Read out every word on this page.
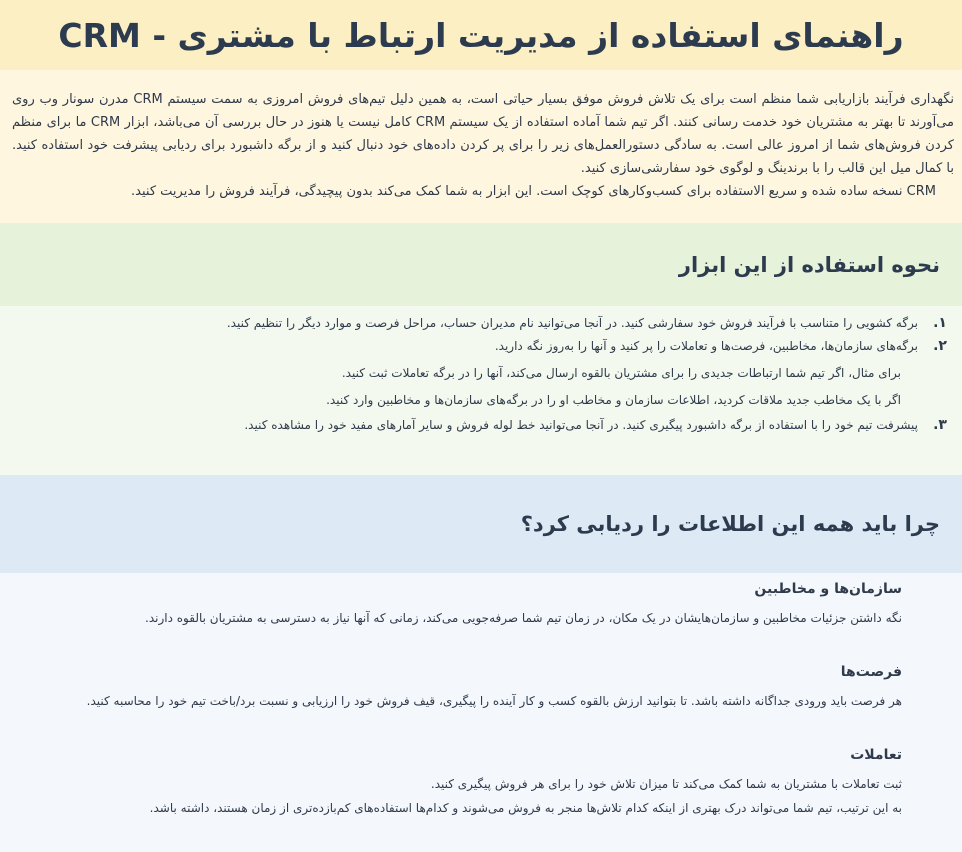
راهنمای استفاده از مدیریت ارتباط با مشتری - CRM

نگهداری فرآیند بازاریابی شما منظم است برای یک تلاش فروش موفق بسیار حیاتی است، به همین دلیل تیم‌های فروش امروزی به سمت سیستم CRM مدرن سونار وب روی می‌آورند تا بهتر به مشتریان خود خدمت رسانی کنند. اگر تیم شما آماده استفاده از یک سیستم CRM کامل نیست یا هنوز در حال بررسی آن می‌باشد، ابزار CRM ما برای منظم کردن فروش‌های شما از امروز عالی است. به سادگی دستورالعمل‌های زیر را برای پر کردن داده‌های خود دنبال کنید و از برگه داشبورد برای ردیابی پیشرفت خود استفاده کنید. با کمال میل این قالب را با برندینگ و لوگوی خود سفارشی‌سازی کنید.

CRM نسخه ساده شده و سریع الاستفاده برای کسب‌وکارهای کوچک است. این ابزار به شما کمک می‌کند بدون پیچیدگی، فرآیند فروش را مدیریت کنید.

نحوه استفاده از این ابزار
۱.
برگه کشویی را متناسب با فرآیند فروش خود سفارشی کنید. در آنجا می‌توانید نام مدیران حساب، مراحل فرصت و موارد دیگر را تنظیم کنید.
۲.
برگه‌های سازمان‌ها، مخاطبین، فرصت‌ها و تعاملات را پر کنید و آنها را به‌روز نگه دارید.
برای مثال، اگر تیم شما ارتباطات جدیدی را برای مشتریان بالقوه ارسال می‌کند، آنها را در برگه تعاملات ثبت کنید.
اگر با یک مخاطب جدید ملاقات کردید، اطلاعات سازمان و مخاطب او را در برگه‌های سازمان‌ها و مخاطبین وارد کنید.
۳.
پیشرفت تیم خود را با استفاده از برگه داشبورد پیگیری کنید. در آنجا می‌توانید خط لوله فروش و سایر آمارهای مفید خود را مشاهده کنید.
چرا باید همه این اطلاعات را ردیابی کرد؟
سازمان‌ها و مخاطبین

نگه داشتن جزئیات مخاطبین و سازمان‌هایشان در یک مکان، در زمان تیم شما صرفه‌جویی می‌کند، زمانی که آنها نیاز به دسترسی به مشتریان بالقوه دارند.

فرصت‌ها

هر فرصت باید ورودی جداگانه داشته باشد. تا بتوانید ارزش بالقوه کسب و کار آینده را پیگیری، قیف فروش خود را ارزیابی و نسبت برد/باخت تیم خود را محاسبه کنید.

تعاملات

ثبت تعاملات با مشتریان به شما کمک می‌کند تا میزان تلاش خود را برای هر فروش پیگیری کنید.

به این ترتیب، تیم شما می‌تواند درک بهتری از اینکه کدام تلاش‌ها منجر به فروش می‌شوند و کدام‌ها استفاده‌های کم‌بازده‌تری از زمان هستند، داشته باشد.
